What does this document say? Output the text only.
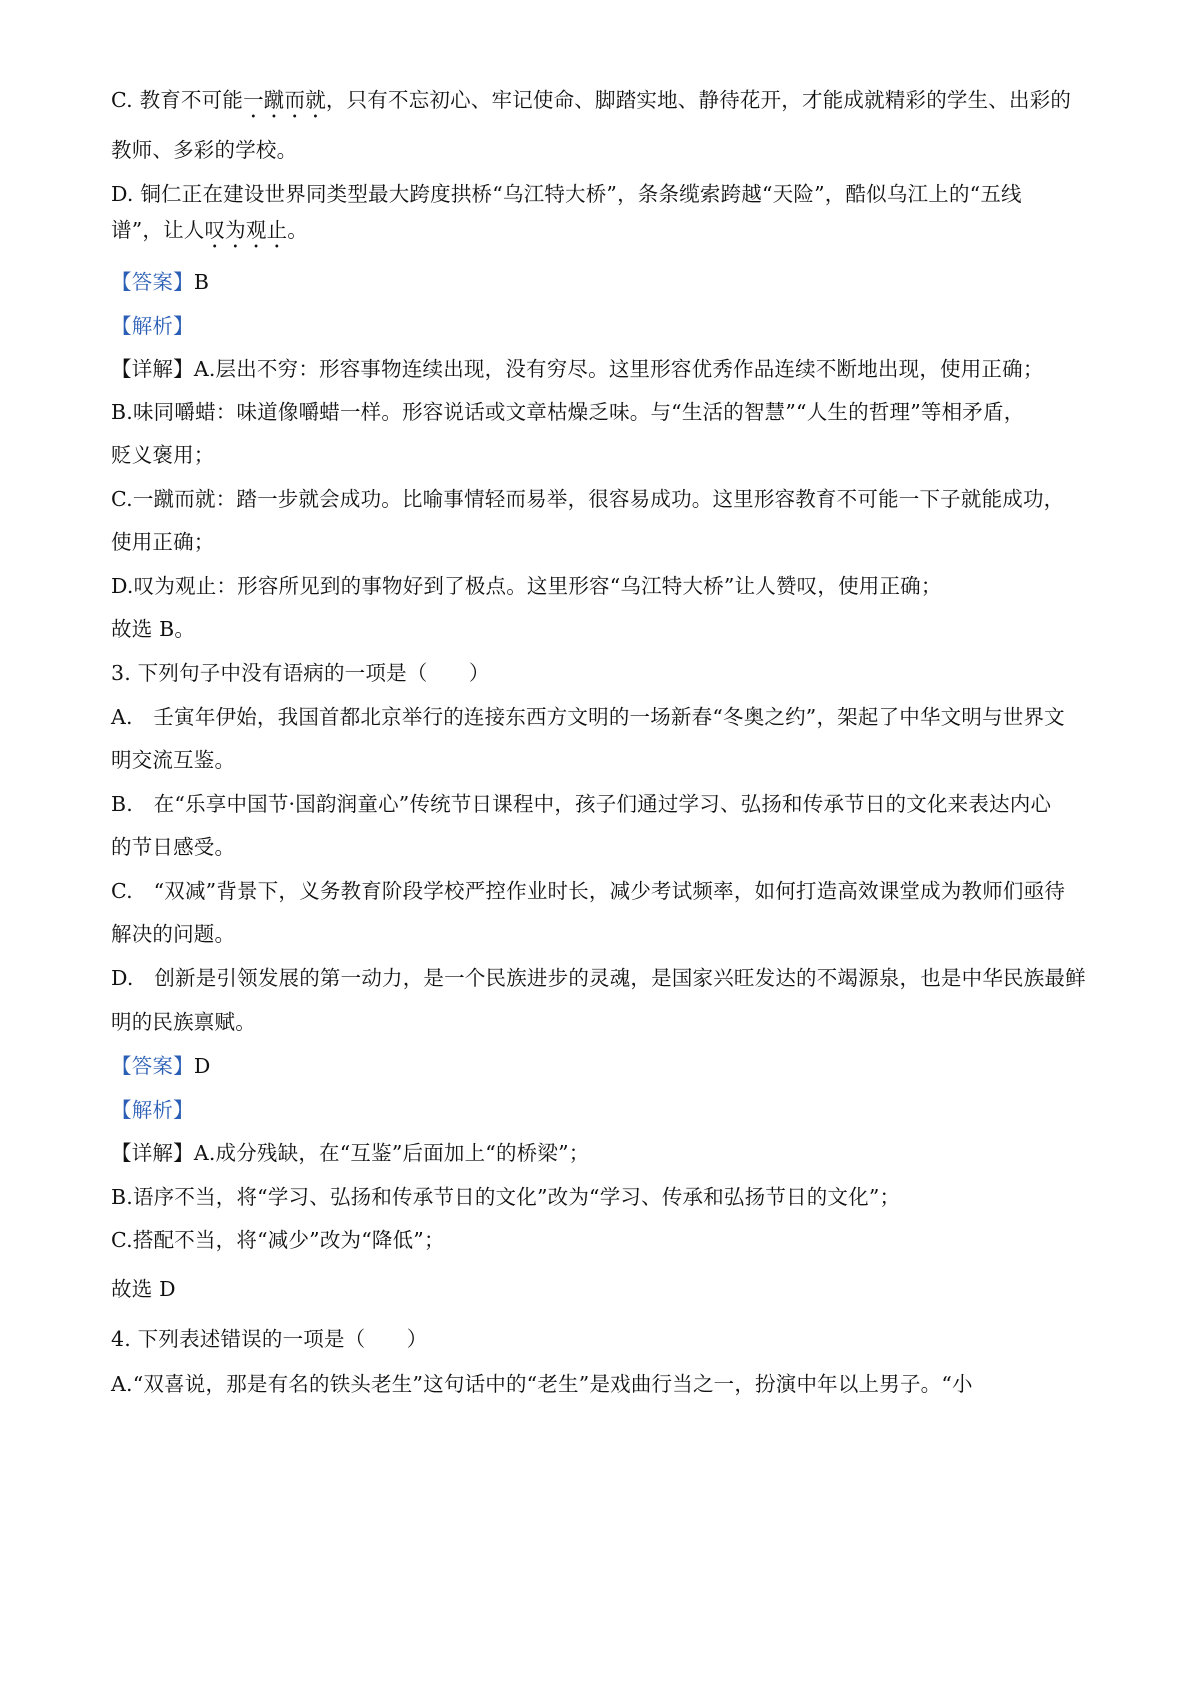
C. 教育不可能一蹴而就，只有不忘初心、牢记使命、脚踏实地、静待花开，才能成就精彩的学生、出彩的
教师、多彩的学校。
D. 铜仁正在建设世界同类型最大跨度拱桥“乌江特大桥”，条条缆索跨越“天险”，酷似乌江上的“五线
谱”，让人叹为观止。
【答案】B
【解析】
【详解】A.层出不穷：形容事物连续出现，没有穷尽。这里形容优秀作品连续不断地出现，使用正确；
B.味同嚼蜡：味道像嚼蜡一样。形容说话或文章枯燥乏味。与“生活的智慧”“人生的哲理”等相矛盾，
贬义褒用；
C.一蹴而就：踏一步就会成功。比喻事情轻而易举，很容易成功。这里形容教育不可能一下子就能成功，
使用正确；
D.叹为观止：形容所见到的事物好到了极点。这里形容“乌江特大桥”让人赞叹，使用正确；
故选 B。
3. 下列句子中没有语病的一项是（　　）
A.　壬寅年伊始，我国首都北京举行的连接东西方文明的一场新春“冬奥之约”，架起了中华文明与世界文
明交流互鉴。
B.　在“乐享中国节·国韵润童心”传统节日课程中，孩子们通过学习、弘扬和传承节日的文化来表达内心
的节日感受。
C.　“双减”背景下，义务教育阶段学校严控作业时长，减少考试频率，如何打造高效课堂成为教师们亟待
解决的问题。
D.　创新是引领发展的第一动力，是一个民族进步的灵魂，是国家兴旺发达的不竭源泉，也是中华民族最鲜
明的民族禀赋。
【答案】D
【解析】
【详解】A.成分残缺，在“互鉴”后面加上“的桥梁”；
B.语序不当，将“学习、弘扬和传承节日的文化”改为“学习、传承和弘扬节日的文化”；
C.搭配不当，将“减少”改为“降低”；
故选 D
4. 下列表述错误的一项是（　　）
A.“双喜说，那是有名的铁头老生”这句话中的“老生”是戏曲行当之一，扮演中年以上男子。“小
